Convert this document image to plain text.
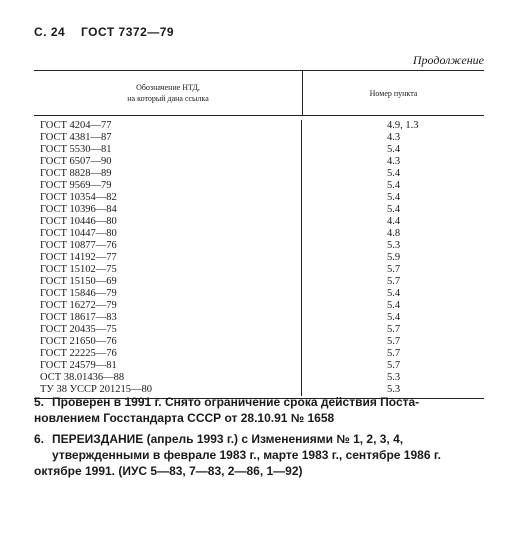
С. 24 ГОСТ 7372—79
Продолжение
Обозначение НТД,
на который дана ссылка
Номер пункта
ГОСТ 4204—77	4.9, 1.3
ГОСТ 4381—87	4.3
ГОСТ 5530—81	5.4
ГОСТ 6507—90	4.3
ГОСТ 8828—89	5.4
ГОСТ 9569—79	5.4
ГОСТ 10354—82	5.4
ГОСТ 10396—84	5.4
ГОСТ 10446—80	4.4
ГОСТ 10447—80	4.8
ГОСТ 10877—76	5.3
ГОСТ 14192—77	5.9
ГОСТ 15102—75	5.7
ГОСТ 15150—69	5.7
ГОСТ 15846—79	5.4
ГОСТ 16272—79	5.4
ГОСТ 18617—83	5.4
ГОСТ 20435—75	5.7
ГОСТ 21650—76	5.7
ГОСТ 22225—76	5.7
ГОСТ 24579—81	5.7
ОСТ 38.01436—88	5.3
ТУ 38 УССР 201215—80	5.3
5. Проверен в 1991 г. Снято ограничение срока действия Поста-
новлением Госстандарта СССР от 28.10.91 № 1658
6. ПЕРЕИЗДАНИЕ (апрель 1993 г.) с Изменениями № 1, 2, 3, 4,
утвержденными в феврале 1983 г., марте 1983 г., сентябре 1986 г.
октябре 1991. (ИУС 5—83, 7—83, 2—86, 1—92)
